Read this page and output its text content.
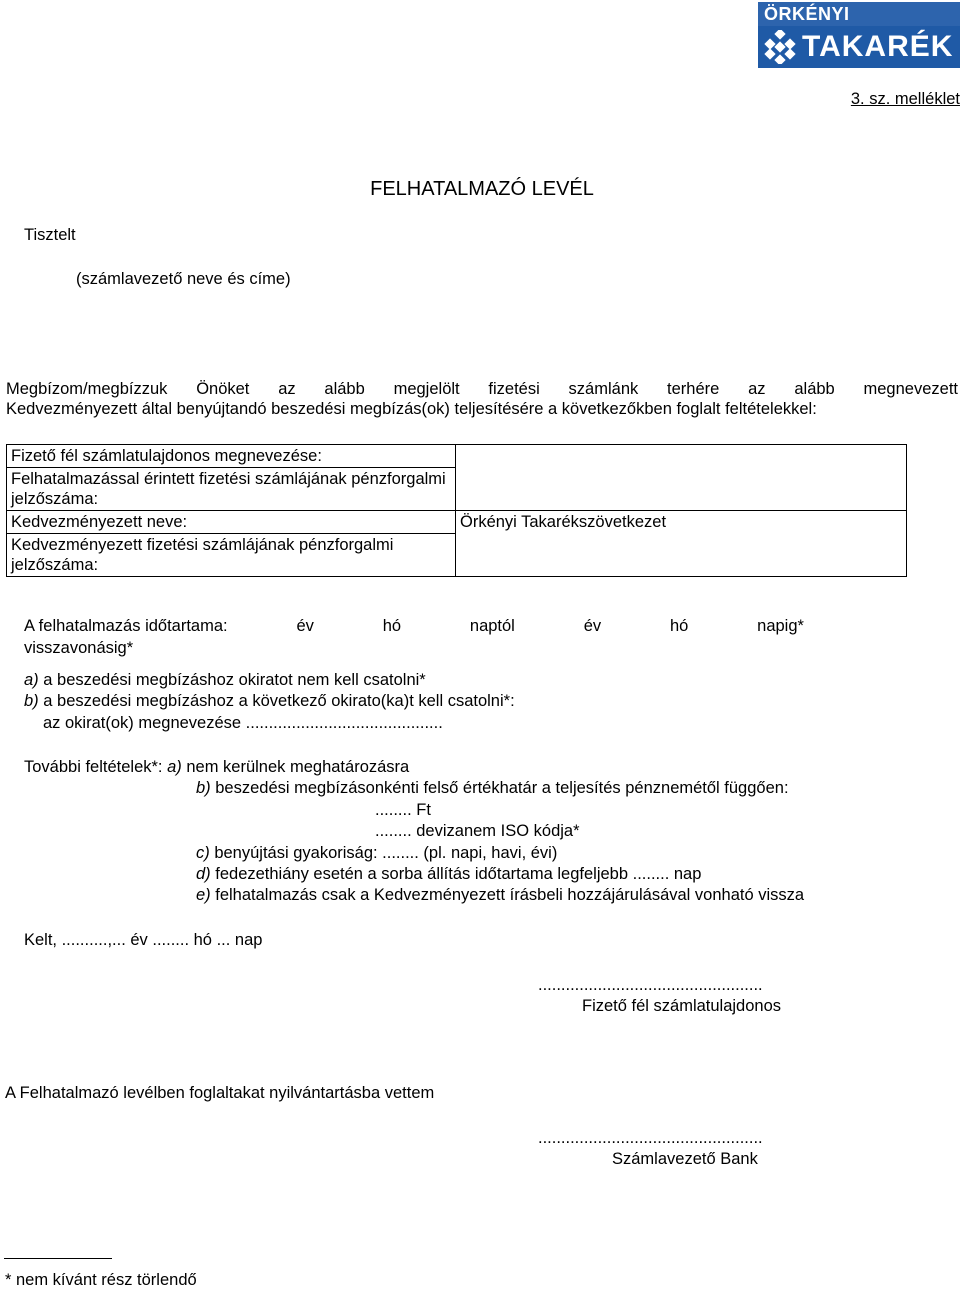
ÖRKÉNYI
TAKARÉK
3. sz. melléklet
FELHATALMAZÓ LEVÉL
Tisztelt
(számlavezető neve és címe)
Megbízom/megbízzuk Önöket az alább megjelölt fizetési számlánk terhére az alább megnevezett
Kedvezményezett által benyújtandó beszedési megbízás(ok) teljesítésére a következőkben foglalt feltételekkel:
Fizető fél számlatulajdonos megnevezése:	
Felhatalmazással érintett fizetési számlájának pénzforgalmi jelzőszáma:	
Kedvezményezett neve:	Örkényi Takarékszövetkezet
Kedvezményezett fizetési számlájának pénzforgalmi jelzőszáma:	
A felhatalmazás időtartama:	év	hó	naptól	év	hó	napig*
visszavonásig*
a) a beszedési megbízáshoz okiratot nem kell csatolni*
b) a beszedési megbízáshoz a következő okirato(ka)t kell csatolni*:
az okirat(ok) megnevezése ...........................................
További feltételek*: a) nem kerülnek meghatározásra
b) beszedési megbízásonkénti felső értékhatár a teljesítés pénznemétől függően:
........ Ft
........ devizanem ISO kódja*
c) benyújtási gyakoriság: ........ (pl. napi, havi, évi)
d) fedezethiány esetén a sorba állítás időtartama legfeljebb ........ nap
e) felhatalmazás csak a Kedvezményezett írásbeli hozzájárulásával vonható vissza
Kelt, ..........,... év ........ hó ... nap
.................................................
Fizető fél számlatulajdonos
A Felhatalmazó levélben foglaltakat nyilvántartásba vettem
.................................................
Számlavezető Bank
* nem kívánt rész törlendő
